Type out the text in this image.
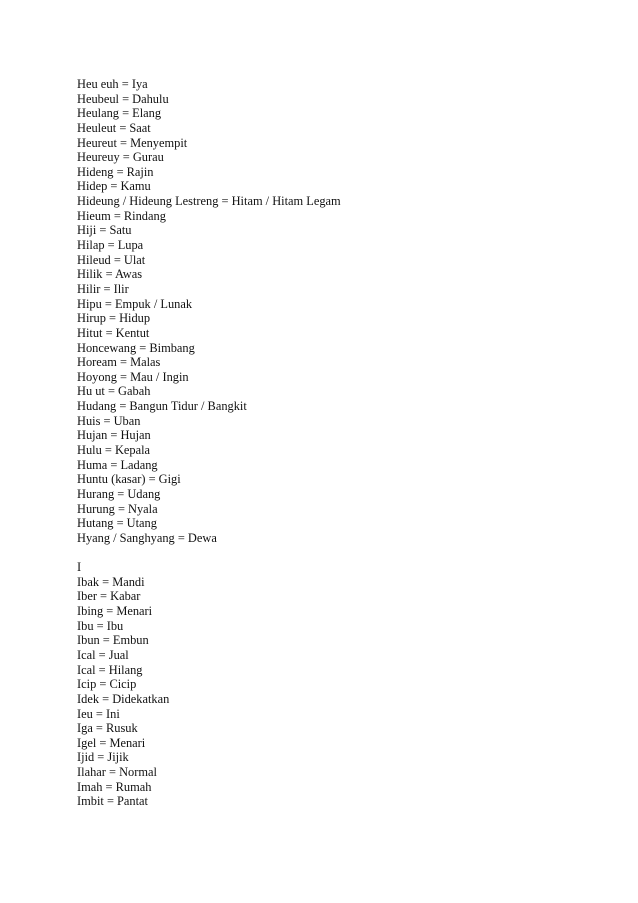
Heu euh = Iya
Heubeul = Dahulu
Heulang = Elang
Heuleut = Saat
Heureut = Menyempit
Heureuy = Gurau
Hideng = Rajin
Hidep = Kamu
Hideung / Hideung Lestreng = Hitam / Hitam Legam
Hieum = Rindang
Hiji = Satu
Hilap = Lupa
Hileud = Ulat
Hilik = Awas
Hilir = Ilir
Hipu = Empuk / Lunak
Hirup = Hidup
Hitut = Kentut
Honcewang = Bimbang
Hoream = Malas
Hoyong = Mau / Ingin
Hu ut = Gabah
Hudang = Bangun Tidur / Bangkit
Huis = Uban
Hujan = Hujan
Hulu = Kepala
Huma = Ladang
Huntu (kasar) = Gigi
Hurang = Udang
Hurung = Nyala
Hutang = Utang
Hyang / Sanghyang = Dewa
I
Ibak = Mandi
Iber = Kabar
Ibing = Menari
Ibu = Ibu
Ibun = Embun
Ical = Jual
Ical = Hilang
Icip = Cicip
Idek = Didekatkan
Ieu = Ini
Iga = Rusuk
Igel = Menari
Ijid = Jijik
Ilahar = Normal
Imah = Rumah
Imbit = Pantat
